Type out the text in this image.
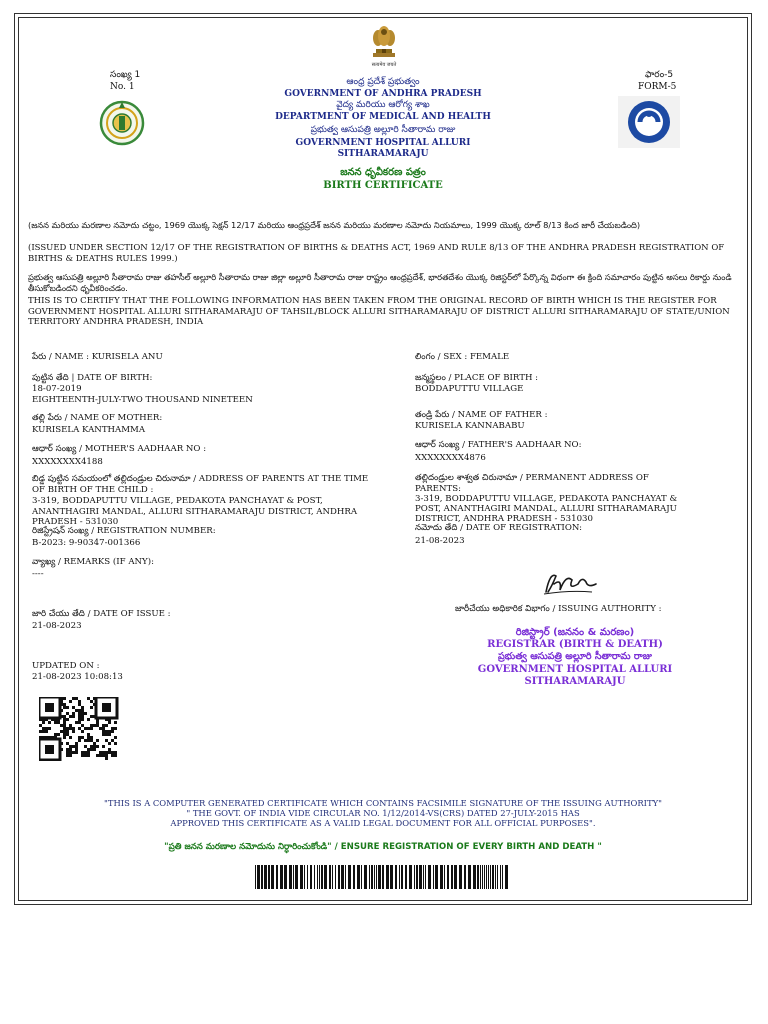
सत्यमेव जयते
సంఖ్య 1
No. 1
ఫారం-5
FORM-5
ఆంధ్ర ప్రదేశ్ ప్రభుత్వం
GOVERNMENT OF ANDHRA PRADESH
వైద్య మరియు ఆరోగ్య శాఖ
DEPARTMENT OF MEDICAL AND HEALTH
ప్రభుత్వ ఆసుపత్రి అల్లూరి సీతారామ రాజు
GOVERNMENT HOSPITAL ALLURI
SITHARAMARAJU
జనన ధృవీకరణ పత్రం
BIRTH CERTIFICATE
(జనన మరియు మరణాల నమోదు చట్టం, 1969 యొక్క సెక్షన్ 12/17 మరియు ఆంధ్రప్రదేశ్ జనన మరియు మరణాల నమోదు నియమాలు, 1999 యొక్క రూల్ 8/13 కింద జారీ చేయబడింది)
(ISSUED UNDER SECTION 12/17 OF THE REGISTRATION OF BIRTHS & DEATHS ACT, 1969 AND RULE 8/13 OF THE ANDHRA PRADESH REGISTRATION OF BIRTHS & DEATHS RULES 1999.)
ప్రభుత్వ ఆసుపత్రి అల్లూరి సీతారామ రాజు తహసీల్ అల్లూరి సీతారామ రాజు జిల్లా అల్లూరి సీతారామ రాజు రాష్ట్రం ఆంధ్రప్రదేశ్, భారతదేశం యొక్క రిజిస్టర్‌లో పేర్కొన్న విధంగా ఈ క్రింది సమాచారం పుట్టిన అసలు రికార్డు నుండి తీసుకోబడిందని ధృవీకరించడం.
THIS IS TO CERTIFY THAT THE FOLLOWING INFORMATION HAS BEEN TAKEN FROM THE ORIGINAL RECORD OF BIRTH WHICH IS THE REGISTER FOR GOVERNMENT HOSPITAL ALLURI SITHARAMARAJU OF TAHSIL/BLOCK ALLURI SITHARAMARAJU OF DISTRICT ALLURI SITHARAMARAJU OF STATE/UNION TERRITORY ANDHRA PRADESH, INDIA
పేరు / NAME : KURISELA ANU
పుట్టిన తేది | DATE OF BIRTH:
18-07-2019
EIGHTEENTH-JULY-TWO THOUSAND NINETEEN
తల్లి పేరు / NAME OF MOTHER:
KURISELA KANTHAMMA
ఆధార్ సంఖ్య / MOTHER'S AADHAAR NO :
XXXXXXXX4188
బిడ్డ పుట్టిన సమయంలో తల్లిదండ్రుల చిరునామా / ADDRESS OF PARENTS AT THE TIME
OF BIRTH OF THE CHILD :
3-319, BODDAPUTTU VILLAGE, PEDAKOTA PANCHAYAT & POST,
ANANTHAGIRI MANDAL, ALLURI SITHARAMARAJU DISTRICT, ANDHRA
PRADESH - 531030
రిజిస్ట్రేషన్ సంఖ్య / REGISTRATION NUMBER:
B-2023: 9-90347-001366
వ్యాఖ్య / REMARKS (IF ANY):
----
జారి చేయు తేది / DATE OF ISSUE :
21-08-2023
UPDATED ON :
21-08-2023 10:08:13
లింగం / SEX : FEMALE
జన్మస్థలం / PLACE OF BIRTH :
BODDAPUTTU VILLAGE
తండ్రి పేరు / NAME OF FATHER :
KURISELA KANNABABU
ఆధార్ సంఖ్య / FATHER'S AADHAAR NO:
XXXXXXXX4876
తల్లిదండ్రుల శాశ్వత చిరునామా / PERMANENT ADDRESS OF
PARENTS:
3-319, BODDAPUTTU VILLAGE, PEDAKOTA PANCHAYAT &
POST, ANANTHAGIRI MANDAL, ALLURI SITHARAMARAJU
DISTRICT, ANDHRA PRADESH - 531030
నమోదు తేది / DATE OF REGISTRATION:
21-08-2023
జారీచేయు అధికారిక విభాగం / ISSUING AUTHORITY :
రిజిస్ట్రార్ (జననం & మరణం)
REGISTRAR (BIRTH & DEATH)
ప్రభుత్వ ఆసుపత్రి అల్లూరి సీతారామ రాజు
GOVERNMENT HOSPITAL ALLURI
SITHARAMARAJU
"THIS IS A COMPUTER GENERATED CERTIFICATE WHICH CONTAINS FACSIMILE SIGNATURE OF THE ISSUING AUTHORITY"
" THE GOVT. OF INDIA VIDE CIRCULAR NO. 1/12/2014-VS(CRS) DATED 27-JULY-2015 HAS
APPROVED THIS CERTIFICATE AS A VALID LEGAL DOCUMENT FOR ALL OFFICIAL PURPOSES".
"ప్రతి జనన మరణాల నమోదును నిర్ధారించుకోండి" / ENSURE REGISTRATION OF EVERY BIRTH AND DEATH "
